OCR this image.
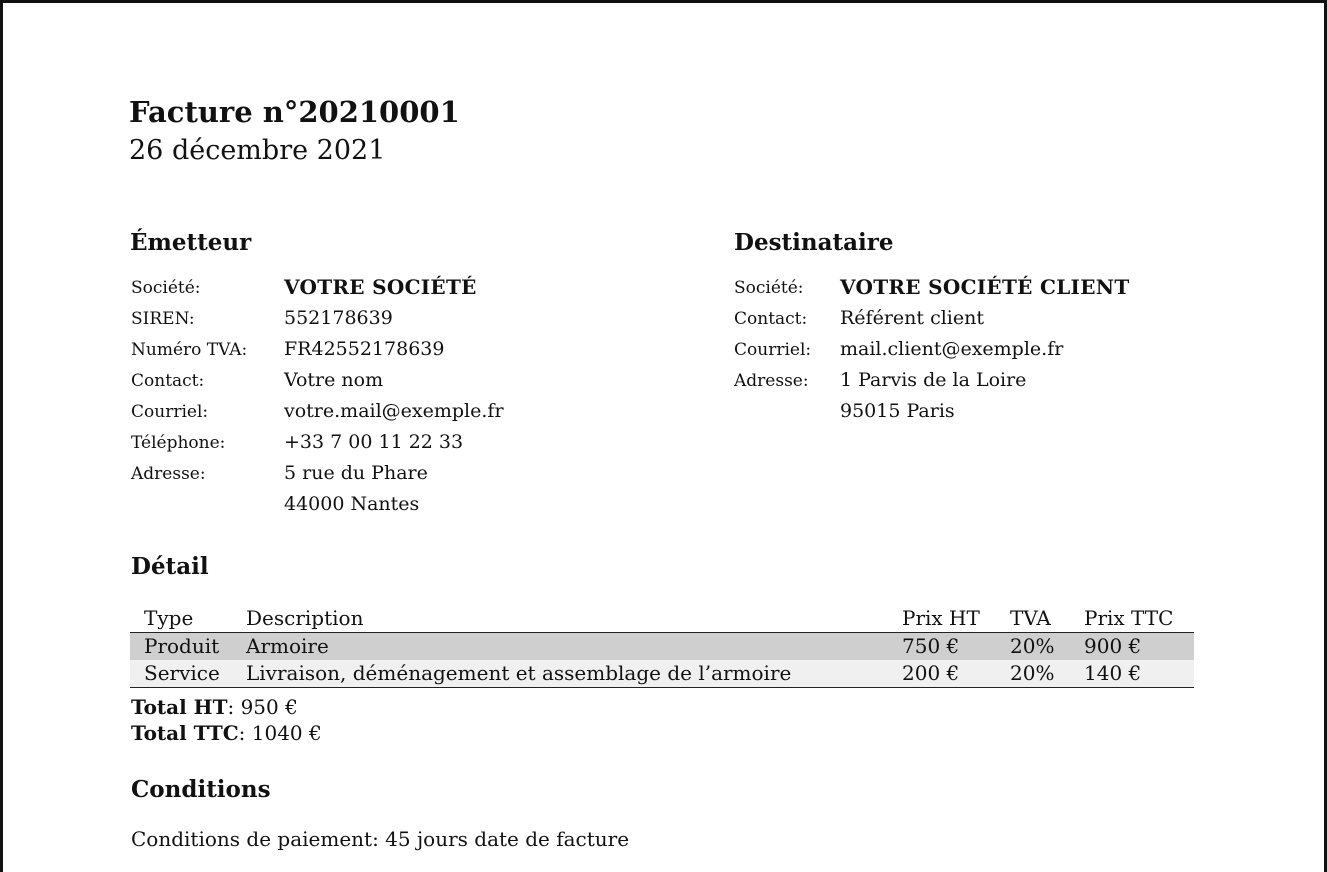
Facture n°20210001
26 décembre 2021
Émetteur
Société:	VOTRE SOCIÉTÉ
SIREN:	552178639
Numéro TVA: FR42552178639
Contact:	Votre nom
Courriel:	votre.mail@exemple.fr
Téléphone:	+33 7 00 11 22 33
Adresse:	5 rue du Phare
44000 Nantes
Destinataire
Société: VOTRE SOCIÉTÉ CLIENT
Contact: Référent client
Courriel: mail.client@exemple.fr
Adresse: 1 Parvis de la Loire
95015 Paris
Détail
Type	Description	Prix HT	TVA	Prix TTC
Produit	Armoire	750 €	20%	900 €
Service	Livraison, déménagement et assemblage de l’armoire	200 €	20%	140 €
Total HT: 950 €
Total TTC: 1040 €
Conditions
Conditions de paiement: 45 jours date de facture
